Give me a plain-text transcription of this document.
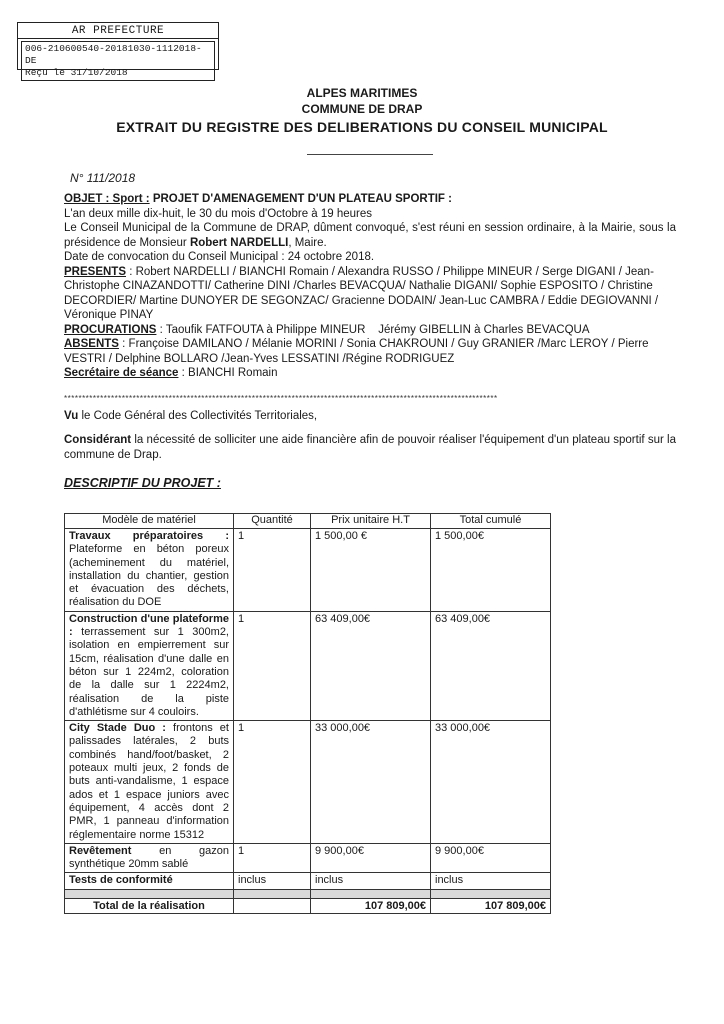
AR PREFECTURE
006-210600540-20181030-1112018-DE
Reçu le 31/10/2018
ALPES MARITIMES
COMMUNE DE DRAP
EXTRAIT DU REGISTRE DES DELIBERATIONS DU CONSEIL MUNICIPAL
N° 111/2018
OBJET : Sport : PROJET D'AMENAGEMENT D'UN PLATEAU SPORTIF :
L'an deux mille dix-huit, le 30 du mois d'Octobre à 19 heures
Le Conseil Municipal de la Commune de DRAP, dûment convoqué, s'est réuni en session ordinaire, à la Mairie, sous la présidence de Monsieur Robert NARDELLI, Maire.
Date de convocation du Conseil Municipal : 24 octobre 2018.
PRESENTS : Robert NARDELLI / BIANCHI Romain / Alexandra RUSSO / Philippe MINEUR / Serge DIGANI / Jean-Christophe CINAZANDOTTI/ Catherine DINI /Charles BEVACQUA/ Nathalie DIGANI/ Sophie ESPOSITO / Christine DECORDIER/ Martine DUNOYER DE SEGONZAC/ Gracienne DODAIN/ Jean-Luc CAMBRA / Eddie DEGIOVANNI / Véronique PINAY
PROCURATIONS : Taoufik FATFOUTA à Philippe MINEUR    Jérémy GIBELLIN à Charles BEVACQUA
ABSENTS : Françoise DAMILANO / Mélanie MORINI / Sonia CHAKROUNI / Guy GRANIER /Marc LEROY / Pierre VESTRI / Delphine BOLLARO /Jean-Yves LESSATINI /Régine RODRIGUEZ
Secrétaire de séance : BIANCHI Romain
************************************************************************************************************************
Vu le Code Général des Collectivités Territoriales,
Considérant la nécessité de solliciter une aide financière afin de pouvoir réaliser l'équipement d'un plateau sportif sur la commune de Drap.
DESCRIPTIF DU PROJET :
Modèle de matériel	Quantité	Prix unitaire H.T	Total cumulé
Travaux préparatoires : Plateforme en béton poreux (acheminement du matériel, installation du chantier, gestion et évacuation des déchets, réalisation du DOE	1	1 500,00 €	1 500,00€
Construction d'une plateforme : terrassement sur 1 300m2, isolation en empierrement sur 15cm, réalisation d'une dalle en béton sur 1 224m2, coloration de la dalle sur 1 2224m2, réalisation de la piste d'athlétisme sur 4 couloirs.	1	63 409,00€	63 409,00€
City Stade Duo : frontons et palissades latérales, 2 buts combinés hand/foot/basket, 2 poteaux multi jeux, 2 fonds de buts anti-vandalisme, 1 espace ados et 1 espace juniors avec équipement, 4 accès dont 2 PMR, 1 panneau d'information réglementaire norme 15312	1	33 000,00€	33 000,00€
Revêtement en gazon synthétique 20mm sablé	1	9 900,00€	9 900,00€
Tests de conformité	inclus	inclus	inclus

Total de la réalisation		107 809,00€	107 809,00€
